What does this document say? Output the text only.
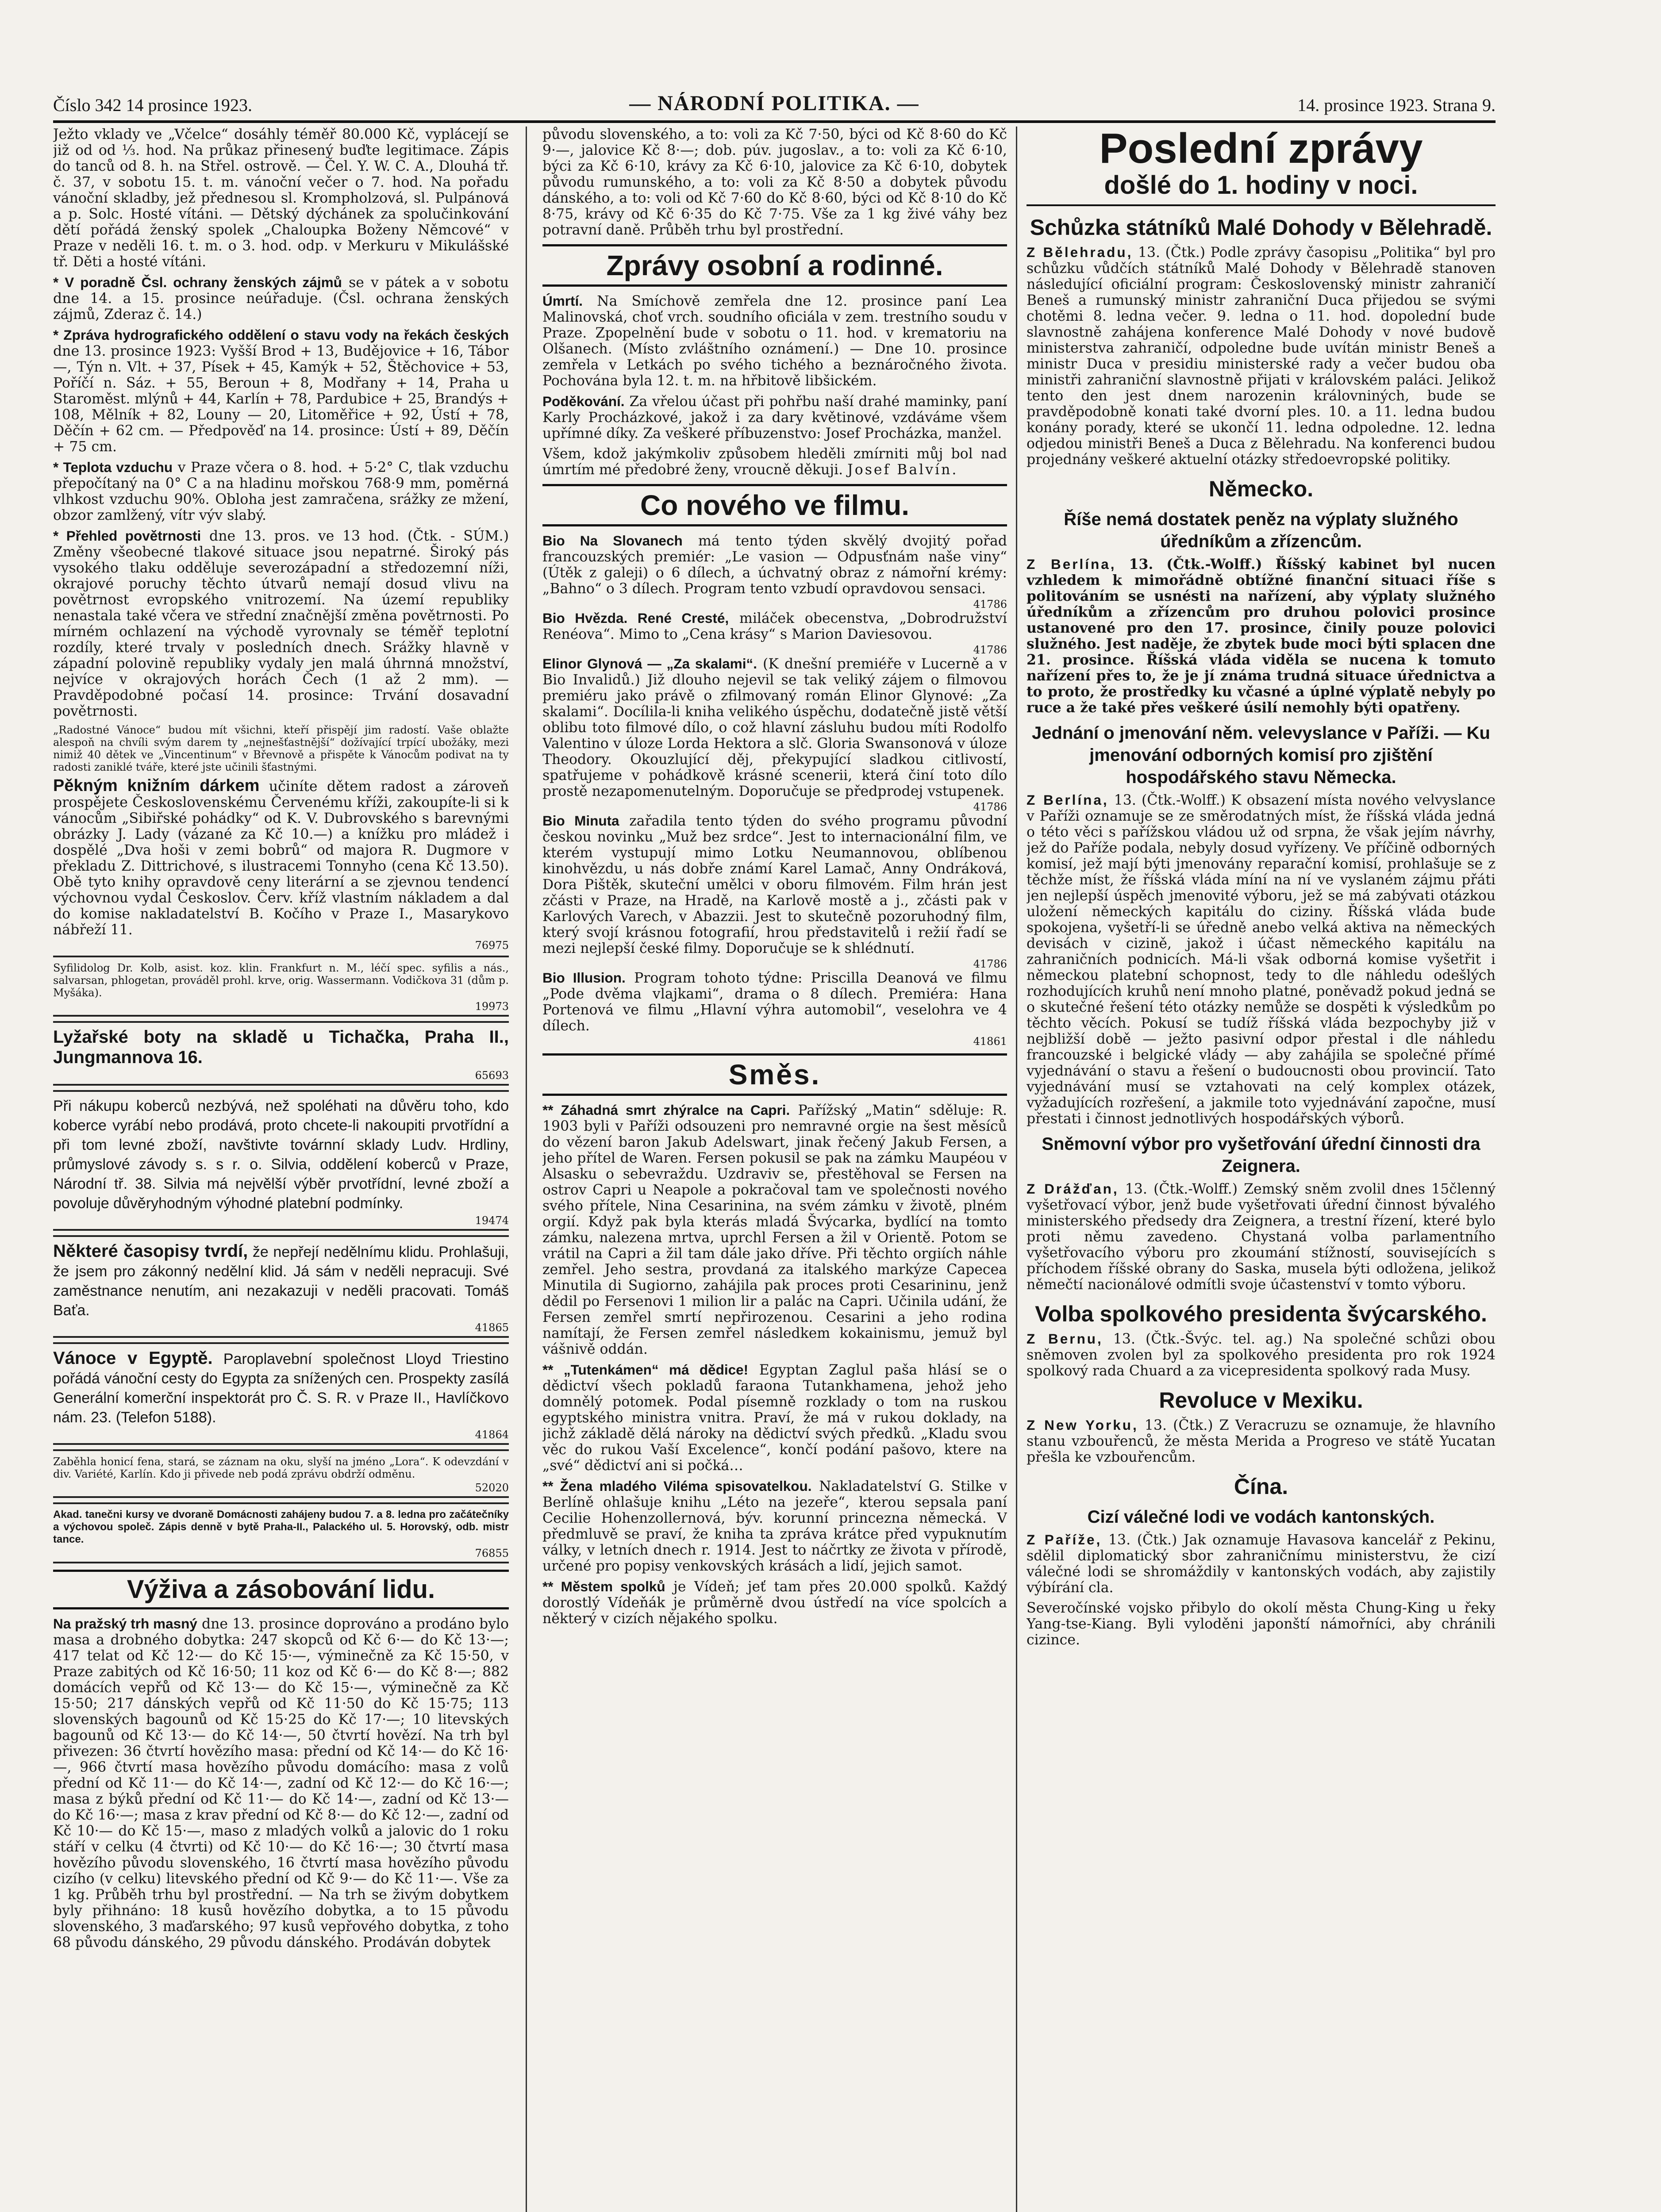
Číslo 342 14 prosince 1923.	— NÁRODNÍ POLITIKA. —	14. prosince 1923. Strana 9.

Ježto vklady ve „Včelce“ dosáhly téměř 80.000 Kč, vyplácejí se již od od ⅓. hod. Na průkaz přinesený buďte legitimace. Zápis do tanců od 8. h. na Střel. ostrově. — Čel. Y. W. C. A., Dlouhá tř. č. 37, v sobotu 15. t. m. vánoční večer o 7. hod. Na pořadu vánoční skladby, jež přednesou sl. Krompholzová, sl. Pulpánová a p. Solc. Hosté vítáni. — Dětský dýchánek za spolučinkování dětí pořádá ženský spolek „Chaloupka Boženy Němcové“ v Praze v neděli 16. t. m. o 3. hod. odp. v Merkuru v Mikulášské tř. Děti a hosté vítáni.

* V poradně Čsl. ochrany ženských zájmů se v pátek a v sobotu dne 14. a 15. prosince neúřaduje. (Čsl. ochrana ženských zájmů, Zderaz č. 14.)

* Zpráva hydrografického oddělení o stavu vody na řekách českých dne 13. prosince 1923: Vyšší Brod + 13, Budějovice + 16, Tábor —, Týn n. Vlt. + 37, Písek + 45, Kamýk + 52, Štěchovice + 53, Poříčí n. Sáz. + 55, Beroun + 8, Modřany + 14, Praha u Staroměst. mlýnů + 44, Karlín + 78, Pardubice + 25, Brandýs + 108, Mělník + 82, Louny — 20, Litoměřice + 92, Ústí + 78, Děčín + 62 cm. — Předpověď na 14. prosince: Ústí + 89, Děčín + 75 cm.

* Teplota vzduchu v Praze včera o 8. hod. + 5·2° C, tlak vzduchu přepočítaný na 0° C a na hladinu mořskou 768·9 mm, poměrná vlhkost vzduchu 90%. Obloha jest zamračena, srážky ze mžení, obzor zamlžený, vítr výv slabý.

* Přehled povětrnosti dne 13. pros. ve 13 hod. (Čtk. - SÚM.) Změny všeobecné tlakové situace jsou nepatrné. Široký pás vysokého tlaku odděluje severozápadní a středozemní níži, okrajové poruchy těchto útvarů nemají dosud vlivu na povětrnost evropského vnitrozemí. Na území republiky nenastala také včera ve střední značnější změna povětrnosti. Po mírném ochlazení na východě vyrovnaly se téměř teplotní rozdíly, které trvaly v posledních dnech. Srážky hlavně v západní polovině republiky vydaly jen malá úhrnná množství, nejvíce v okrajových horách Čech (1 až 2 mm). — Pravděpodobné počasí 14. prosince: Trvání dosavadní povětrnosti.

„Radostné Vánoce“ budou mít všichni, kteří přispějí jim radostí. Vaše oblažte alespoň na chvíli svým darem ty „nejnešťastnější“ dožívající trpící ubožáky, mezi nimiž 40 dětek ve „Vincentinum“ v Břevnově a přispěte k Vánocům podivat na ty radosti zaniklé tváře, které jste učinili šťastnými.

Pěkným knižním dárkem učiníte dětem radost a zároveň prospějete Československému Červenému kříži, zakoupíte-li si k vánocům „Sibiřské pohádky“ od K. V. Dubrovského s barevnými obrázky J. Lady (vázané za Kč 10.—) a knížku pro mládež i dospělé „Dva hoši v zemi bobrů“ od majora R. Dugmore v překladu Z. Dittrichové, s ilustracemi Tonnyho (cena Kč 13.50). Obě tyto knihy opravdově ceny literární a se zjevnou tendencí výchovnou vydal Českoslov. Červ. kříž vlastním nákladem a dal do komise nakladatelství B. Kočího v Praze I., Masarykovo nábřeží 11.

76975

Syfilidolog Dr. Kolb, asist. koz. klin. Frankfurt n. M., léčí spec. syfilis a nás., salvarsan, phlogetan, prováděl prohl. krve, orig. Wassermann. Vodičkova 31 (dům p. Myšáka).

19973

Lyžařské boty na skladě u Tichačka, Praha II., Jungmannova 16.

65693

Při nákupu koberců nezbývá, než spoléhati na důvěru toho, kdo koberce vyrábí nebo prodává, proto chcete-li nakoupiti prvotřídní a při tom levné zboží, navštivte továrnní sklady Ludv. Hrdliny, průmyslové závody s. s r. o. Silvia, oddělení koberců v Praze, Národní tř. 38. Silvia má nejvělší výběr prvotřídní, levné zboží a povoluje důvěryhodným výhodné platební podmínky.

19474

Některé časopisy tvrdí, že nepřejí nedělnímu klidu. Prohlašuji, že jsem pro zákonný nedělní klid. Já sám v neděli nepracuji. Své zaměstnance nenutím, ani nezakazuji v neděli pracovati. Tomáš Baťa.

41865

Vánoce v Egyptě. Paroplavební společnost Lloyd Triestino pořádá vánoční cesty do Egypta za snížených cen. Prospekty zasílá Generální komerční inspektorát pro Č. S. R. v Praze II., Havlíčkovo nám. 23. (Telefon 5188).

41864

Zaběhla honicí fena, stará, se záznam na oku, slyší na jméno „Lora“. K odevzdání v div. Variété, Karlín. Kdo ji přivede neb podá zprávu obdrží odměnu.

52020

Akad. tanečni kursy ve dvoraně Domácnosti zahájeny budou 7. a 8. ledna pro začátečníky a výchovou společ. Zápis denně v bytě Praha-II., Palackého ul. 5. Horovský, odb. mistr tance.

76855
Výživa a zásobování lidu.

Na pražský trh masný dne 13. prosince doprováno a prodáno bylo masa a drobného dobytka: 247 skopců od Kč 6·— do Kč 13·—; 417 telat od Kč 12·— do Kč 15·—, výminečně za Kč 15·50, v Praze zabitých od Kč 16·50; 11 koz od Kč 6·— do Kč 8·—; 882 domácích vepřů od Kč 13·— do Kč 15·—, výminečně za Kč 15·50; 217 dánských vepřů od Kč 11·50 do Kč 15·75; 113 slovenských bagounů od Kč 15·25 do Kč 17·—; 10 litevských bagounů od Kč 13·— do Kč 14·—, 50 čtvrtí hovězí. Na trh byl přivezen: 36 čtvrtí hovězího masa: přední od Kč 14·— do Kč 16·—, 966 čtvrtí masa hovězího původu domácího: masa z volů přední od Kč 11·— do Kč 14·—, zadní od Kč 12·— do Kč 16·—; masa z býků přední od Kč 11·— do Kč 14·—, zadní od Kč 13·— do Kč 16·—; masa z krav přední od Kč 8·— do Kč 12·—, zadní od Kč 10·— do Kč 15·—, maso z mladých volků a jalovic do 1 roku stáří v celku (4 čtvrti) od Kč 10·— do Kč 16·—; 30 čtvrtí masa hovězího původu slovenského, 16 čtvrtí masa hovězího původu cizího (v celku) litevského přední od Kč 9·— do Kč 11·—. Vše za 1 kg. Průběh trhu byl prostřední. — Na trh se živým dobytkem byly přihnáno: 18 kusů hovězího dobytka, a to 15 původu slovenského, 3 maďarského; 97 kusů vepřového dobytka, z toho 68 původu dánského, 29 původu dánského. Prodáván dobytek

původu slovenského, a to: voli za Kč 7·50, býci od Kč 8·60 do Kč 9·—, jalovice Kč 8·—; dob. púv. jugoslav., a to: voli za Kč 6·10, býci za Kč 6·10, krávy za Kč 6·10, jalovice za Kč 6·10, dobytek původu rumunského, a to: voli za Kč 8·50 a dobytek původu dánského, a to: voli od Kč 7·60 do Kč 8·60, býci od Kč 8·10 do Kč 8·75, krávy od Kč 6·35 do Kč 7·75. Vše za 1 kg živé váhy bez potravní daně. Průběh trhu byl prostřední.

Zprávy osobní a rodinné.

Úmrtí. Na Smíchově zemřela dne 12. prosince paní Lea Malinovská, choť vrch. soudního oficiála v zem. trestního soudu v Praze. Zpopelnění bude v sobotu o 11. hod. v krematoriu na Olšanech. (Místo zvláštního oznámení.) — Dne 10. prosince zemřela v Letkách po svého tichého a beznáročného života. Pochována byla 12. t. m. na hřbitově libšickém.

Poděkování. Za vřelou účast při pohřbu naší drahé maminky, paní Karly Procházkové, jakož i za dary květinové, vzdáváme všem upřímné díky. Za veškeré příbuzenstvo: Josef Procházka, manžel.

Všem, kdož jakýmkoliv způsobem hleděli zmírniti můj bol nad úmrtím mé předobré ženy, vroucně děkuji. Josef Balvín.

Co nového ve filmu.

Bio Na Slovanech má tento týden skvělý dvojitý pořad francouzských premiér: „Le vasion — Odpusťnám naše viny“ (Útěk z galeji) o 6 dílech, a úchvatný obraz z námořní krémy: „Bahno“ o 3 dílech. Program tento vzbudí opravdovou sensaci.

41786

Bio Hvězda. René Cresté, miláček obecenstva, „Dobrodružství Renéova“. Mimo to „Cena krásy“ s Marion Daviesovou.

41786

Elinor Glynová — „Za skalami“. (K dnešní premiéře v Lucerně a v Bio Invalidů.) Již dlouho nejevil se tak veliký zájem o filmovou premiéru jako právě o zfilmovaný román Elinor Glynové: „Za skalami“. Docílila-li kniha velikého úspěchu, dodatečně jistě větší oblibu toto filmové dílo, o což hlavní zásluhu budou míti Rodolfo Valentino v úloze Lorda Hektora a slč. Gloria Swansonová v úloze Theodory. Okouzlující děj, překypující sladkou citlivostí, spatřujeme v pohádkově krásné scenerii, která činí toto dílo prostě nezapomenutelným. Doporučuje se předprodej vstupenek.

41786

Bio Minuta zařadila tento týden do svého programu původní českou novinku „Muž bez srdce“. Jest to internacionální film, ve kterém vystupují mimo Lotku Neumannovou, oblíbenou kinohvězdu, u nás dobře známí Karel Lamač, Anny Ondráková, Dora Pištěk, skuteční umělci v oboru filmovém. Film hrán jest zčásti v Praze, na Hradě, na Karlově mostě a j., zčásti pak v Karlových Varech, v Abazzii. Jest to skutečně pozoruhodný film, který svojí krásnou fotografií, hrou představitelů i režií řadí se mezi nejlepší české filmy. Doporučuje se k shlédnutí.

41786

Bio Illusion. Program tohoto týdne: Priscilla Deanová ve filmu „Pode dvěma vlajkami“, drama o 8 dílech. Premiéra: Hana Portenová ve filmu „Hlavní výhra automobil“, veselohra ve 4 dílech.

41861
Směs.

** Záhadná smrt zhýralce na Capri. Pařížský „Matin“ sděluje: R. 1903 byli v Paříži odsouzeni pro nemravné orgie na šest měsíců do vězení baron Jakub Adelswart, jinak řečený Jakub Fersen, a jeho přítel de Waren. Fersen pokusil se pak na zámku Maupéou v Alsasku o sebevraždu. Uzdraviv se, přestěhoval se Fersen na ostrov Capri u Neapole a pokračoval tam ve společnosti nového svého přítele, Nina Cesarinina, na svém zámku v životě, plném orgií. Když pak byla kterás mladá Švýcarka, bydlící na tomto zámku, nalezena mrtva, uprchl Fersen a žil v Orientě. Potom se vrátil na Capri a žil tam dále jako dříve. Při těchto orgiích náhle zemřel. Jeho sestra, provdaná za italského markýze Capecea Minutila di Sugiorno, zahájila pak proces proti Cesarininu, jenž dědil po Fersenovi 1 milion lir a palác na Capri. Učinila udání, že Fersen zemřel smrtí nepřirozenou. Cesarini a jeho rodina namítají, že Fersen zemřel následkem kokainismu, jemuž byl vášnivě oddán.

** „Tutenkámen“ má dědice! Egyptan Zaglul paša hlásí se o dědictví všech pokladů faraona Tutankhamena, jehož jeho domnělý potomek. Podal písemně rozklady o tom na ruskou egyptského ministra vnitra. Praví, že má v rukou doklady, na jichž základě dělá nároky na dědictví svých předků. „Kladu svou věc do rukou Vaší Excelence“, končí podání pašovo, ktere na „své“ dědictví ani si počká…

** Žena mladého Viléma spisovatelkou. Nakladatelství G. Stilke v Berlíně ohlašuje knihu „Léto na jezeře“, kterou sepsala paní Cecilie Hohenzollernová, býv. korunní princezna německá. V předmluvě se praví, že kniha ta zpráva krátce před vypuknutím války, v letních dnech r. 1914. Jest to náčrtky ze života v přírodě, určené pro popisy venkovských krásách a lidí, jejich samot.

** Městem spolků je Vídeň; jeť tam přes 20.000 spolků. Každý dorostlý Vídeňák je průměrně dvou ústředí na více spolcích a některý v cizích nějakého spolku.

Poslední zprávy
došlé do 1. hodiny v noci.
Schůzka státníků Malé Dohody v Bělehradě.

Z Bělehradu, 13. (Čtk.) Podle zprávy časopisu „Politika“ byl pro schůzku vůdčích státníků Malé Dohody v Bělehradě stanoven následující oficiální program: Československý ministr zahraničí Beneš a rumunský ministr zahraniční Duca přijedou se svými chotěmi 8. ledna večer. 9. ledna o 11. hod. dopolední bude slavnostně zahájena konference Malé Dohody v nové budově ministerstva zahraničí, odpoledne bude uvítán ministr Beneš a ministr Duca v presidiu ministerské rady a večer budou oba ministři zahraniční slavnostně přijati v královském paláci. Jelikož tento den jest dnem narozenin královniných, bude se pravděpodobně konati také dvorní ples. 10. a 11. ledna budou konány porady, které se ukončí 11. ledna odpoledne. 12. ledna odjedou ministři Beneš a Duca z Bělehradu. Na konferenci budou projednány veškeré aktuelní otázky středoevropské politiky.

Německo.
Říše nemá dostatek peněz na výplaty služného úředníkům a zřízencům.

Z Berlína, 13. (Čtk.-Wolff.) Říšský kabinet byl nucen vzhledem k mimořádně obtížné finanční situaci říše s politováním se usnésti na nařízení, aby výplaty služného úředníkům a zřízencům pro druhou polovici prosince ustanovené pro den 17. prosince, činily pouze polovici služného. Jest naděje, že zbytek bude moci býti splacen dne 21. prosince. Říšská vláda viděla se nucena k tomuto nařízení přes to, že je jí známa trudná situace úřednictva a to proto, že prostředky ku včasné a úplné výplatě nebyly po ruce a že také přes veškeré úsilí nemohly býti opatřeny.

Jednání o jmenování něm. velevyslance v Paříži. — Ku jmenování odborných komisí pro zjištění hospodářského stavu Německa.

Z Berlína, 13. (Čtk.-Wolff.) K obsazení místa nového velvyslance v Paříži oznamuje se ze směrodatných míst, že říšská vláda jedná o této věci s pařížskou vládou už od srpna, že však jejím návrhy, jež do Paříže podala, nebyly dosud vyřízeny. Ve příčině odborných komisí, jež mají býti jmenovány reparační komisí, prohlašuje se z těchže míst, že říšská vláda míní na ní ve vyslaném zájmu přáti jen nejlepší úspěch jmenovité výboru, jež se má zabývati otázkou uložení německých kapitálu do ciziny. Říšská vláda bude spokojena, vyšetří-li se úředně anebo velká aktiva na německých devisách v cizině, jakož i účast německého kapitálu na zahraničních podnicích. Má-li však odborná komise vyšetřit i německou platební schopnost, tedy to dle náhledu odešlých rozhodujících kruhů není mnoho platné, poněvadž pokud jedná se o skutečné řešení této otázky nemůže se dospěti k výsledkům po těchto věcích. Pokusí se tudíž říšská vláda bezpochyby již v nejbližší době — ježto pasivní odpor přestal i dle náhledu francouzské i belgické vlády — aby zahájila se společné přímé vyjednávání o stavu a řešení o budoucnosti obou provincií. Tato vyjednávání musí se vztahovati na celý komplex otázek, vyžadujících rozřešení, a jakmile toto vyjednávání započne, musí přestati i činnost jednotlivých hospodářských výborů.

Sněmovní výbor pro vyšetřování úřední činnosti dra Zeignera.

Z Drážďan, 13. (Čtk.-Wolff.) Zemský sněm zvolil dnes 15členný vyšetřovací výbor, jenž bude vyšetřovati úřední činnost bývalého ministerského předsedy dra Zeignera, a trestní řízení, které bylo proti němu zavedeno. Chystaná volba parlamentního vyšetřovacího výboru pro zkoumání stížností, souvisejících s příchodem říšské obrany do Saska, musela býti odložena, jelikož němečtí nacionálové odmítli svoje účastenství v tomto výboru.

Volba spolkového presidenta švýcarského.

Z Bernu, 13. (Čtk.-Švýc. tel. ag.) Na společné schůzi obou sněmoven zvolen byl za spolkového presidenta pro rok 1924 spolkový rada Chuard a za vicepresidenta spolkový rada Musy.

Revoluce v Mexiku.

Z New Yorku, 13. (Čtk.) Z Veracruzu se oznamuje, že hlavního stanu vzbouřenců, že města Merida a Progreso ve státě Yucatan přešla ke vzbouřencům.

Čína.
Cizí válečné lodi ve vodách kantonských.

Z Paříže, 13. (Čtk.) Jak oznamuje Havasova kancelář z Pekinu, sdělil diplomatický sbor zahraničnímu ministerstvu, že cizí válečné lodi se shromáždily v kantonských vodách, aby zajistily výbírání cla.

Severočínské vojsko přibylo do okolí města Chung-King u řeky Yang-tse-Kiang. Byli vyloděni japonští námořníci, aby chránili cizince.
